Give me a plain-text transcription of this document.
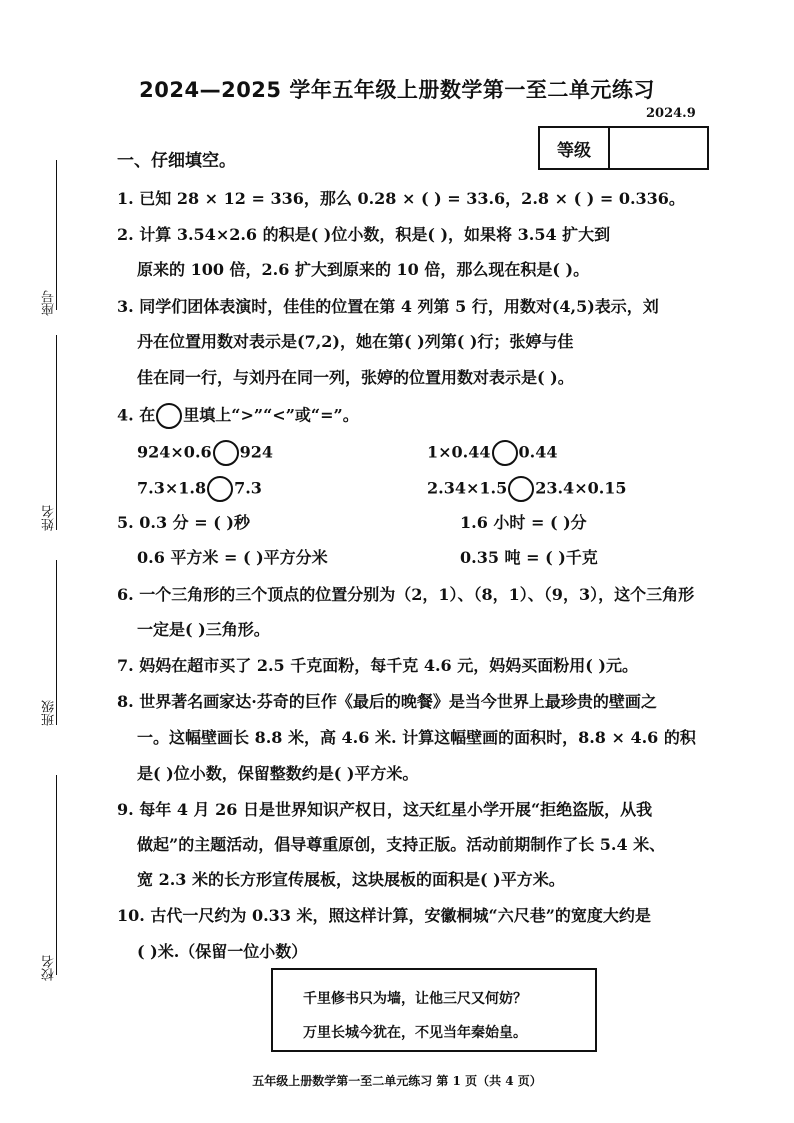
2024—2025 学年五年级上册数学第一至二单元练习
2024.9
等级
座号
姓名
班级
校名
一、仔细填空。
1. 已知 28 × 12 = 336，那么 0.28 × ( ) = 33.6，2.8 × ( ) = 0.336。
2. 计算 3.54×2.6 的积是( )位小数，积是( )，如果将 3.54 扩大到
原来的 100 倍，2.6 扩大到原来的 10 倍，那么现在积是( )。
3. 同学们团体表演时，佳佳的位置在第 4 列第 5 行，用数对(4,5)表示，刘
丹在位置用数对表示是(7,2)，她在第( )列第( )行；张婷与佳
佳在同一行，与刘丹在同一列，张婷的位置用数对表示是( )。
4. 在 里填上“>”“<”或“=”。
924×0.6 924	1×0.44 0.44
7.3×1.8 7.3	2.34×1.5 23.4×0.15
5. 0.3 分 = ( )秒	1.6 小时 = ( )分
0.6 平方米 = ( )平方分米	0.35 吨 = ( )千克
6. 一个三角形的三个顶点的位置分别为（2，1）、（8，1）、（9，3），这个三角形
一定是( )三角形。
7. 妈妈在超市买了 2.5 千克面粉，每千克 4.6 元，妈妈买面粉用( )元。
8. 世界著名画家达·芬奇的巨作《最后的晚餐》是当今世界上最珍贵的壁画之
一。这幅壁画长 8.8 米，高 4.6 米. 计算这幅壁画的面积时，8.8 × 4.6 的积
是( )位小数，保留整数约是( )平方米。
9. 每年 4 月 26 日是世界知识产权日，这天红星小学开展“拒绝盗版，从我
做起”的主题活动，倡导尊重原创，支持正版。活动前期制作了长 5.4 米、
宽 2.3 米的长方形宣传展板，这块展板的面积是( )平方米。
10. 古代一尺约为 0.33 米，照这样计算，安徽桐城“六尺巷”的宽度大约是
( )米.（保留一位小数）
千里修书只为墙，让他三尺又何妨？
万里长城今犹在，不见当年秦始皇。
五年级上册数学第一至二单元练习 第 1 页（共 4 页）
